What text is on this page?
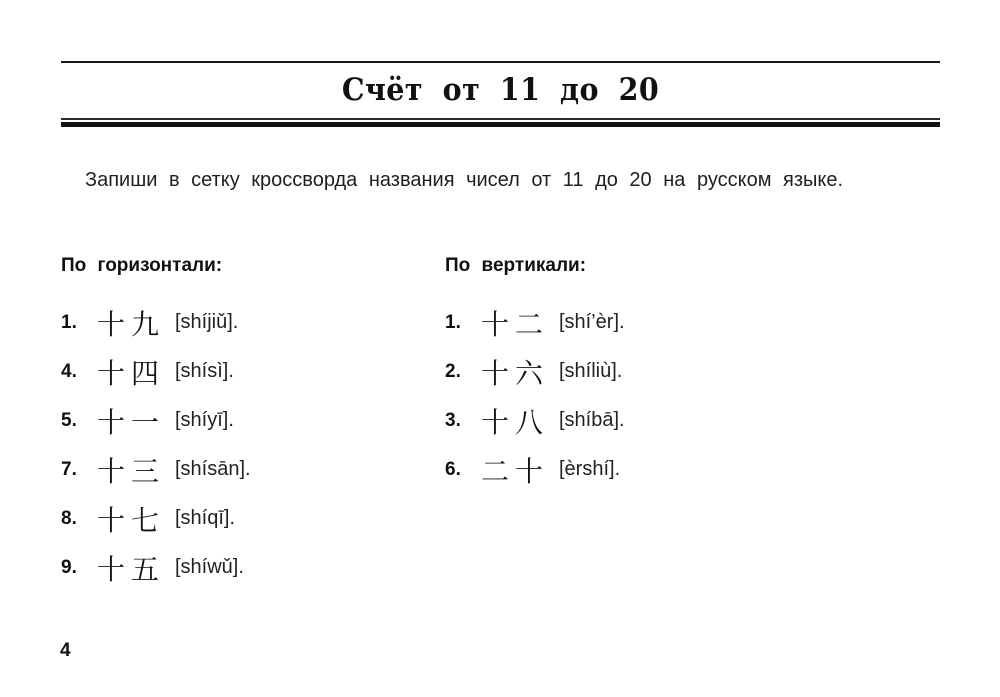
Счёт от 11 до 20

Запиши в сетку кроссворда названия чисел от 11 до 20 на русском языке.

По горизонтали:
1. 十九 [shíjiǔ].
4. 十四 [shísì].
5. 十一 [shíyī].
7. 十三 [shísān].
8. 十七 [shíqī].
9. 十五 [shíwǔ].
По вертикали:
1. 十二 [shí’èr].
2. 十六 [shíliù].
3. 十八 [shíbā].
6. 二十 [èrshí].
4
